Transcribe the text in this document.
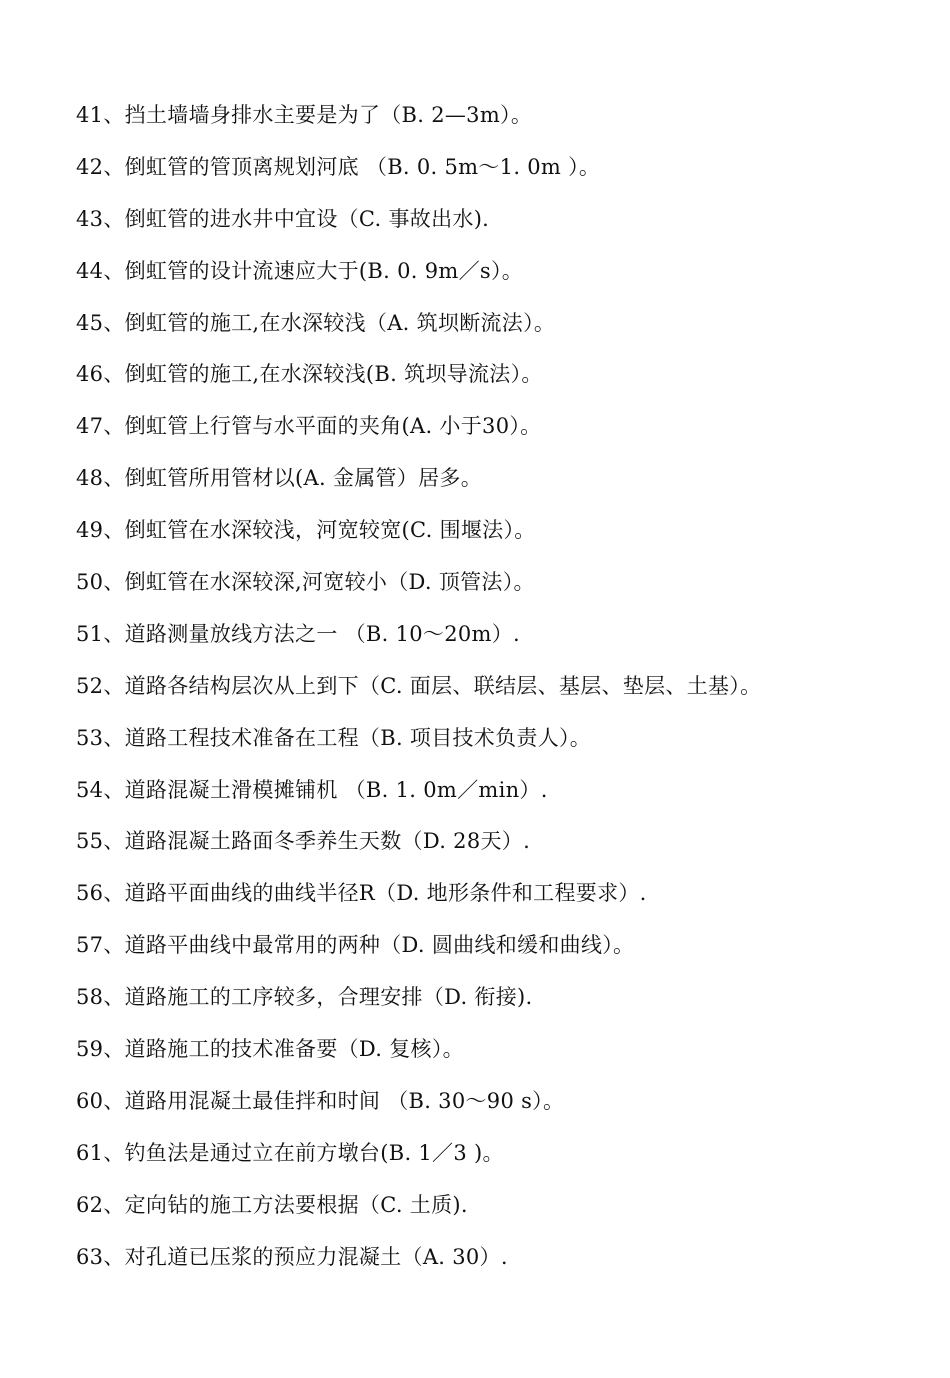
41、挡土墙墙身排水主要是为了（B. 2—3m）。
42、倒虹管的管顶离规划河底 （B. 0. 5m～1. 0m ）。
43、倒虹管的进水井中宜设（C. 事故出水).
44、倒虹管的设计流速应大于(B. 0. 9m／s）。
45、倒虹管的施工,在水深较浅（A. 筑坝断流法）。
46、倒虹管的施工,在水深较浅(B. 筑坝导流法）。
47、倒虹管上行管与水平面的夹角(A. 小于30）。
48、倒虹管所用管材以(A. 金属管）居多。
49、倒虹管在水深较浅，河宽较宽(C. 围堰法）。
50、倒虹管在水深较深,河宽较小（D. 顶管法）。
51、道路测量放线方法之一 （B. 10～20m）.
52、道路各结构层次从上到下（C. 面层、联结层、基层、垫层、土基）。
53、道路工程技术准备在工程（B. 项目技术负责人）。
54、道路混凝土滑模摊铺机 （B. 1. 0m／min）.
55、道路混凝土路面冬季养生天数（D. 28天）.
56、道路平面曲线的曲线半径R（D. 地形条件和工程要求）.
57、道路平曲线中最常用的两种（D. 圆曲线和缓和曲线）。
58、道路施工的工序较多，合理安排（D. 衔接).
59、道路施工的技术准备要（D. 复核）。
60、道路用混凝土最佳拌和时间 （B. 30～90 s）。
61、钓鱼法是通过立在前方墩台(B. 1／3 )。
62、定向钻的施工方法要根据（C. 土质).
63、对孔道已压浆的预应力混凝土（A. 30）.
